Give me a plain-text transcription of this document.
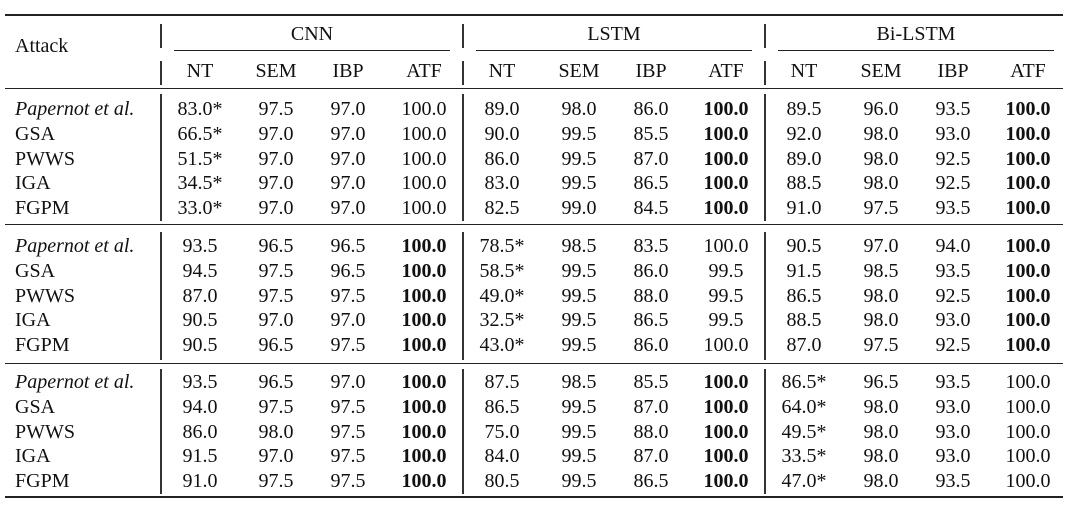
Attack
CNN	LSTM	Bi-LSTM
NT SEM IBP ATF NT SEM IBP ATF NT SEM IBP ATF
Papernot et al. 83.0* 97.5 97.0 100.0 89.0 98.0 86.0 100.0 89.5 96.0 93.5 100.0
GSA	66.5* 97.0 97.0 100.0 90.0 99.5 85.5 100.0 92.0 98.0 93.0 100.0
PWWS	51.5* 97.0 97.0 100.0 86.0 99.5 87.0 100.0 89.0 98.0 92.5 100.0
IGA	34.5* 97.0 97.0 100.0 83.0 99.5 86.5 100.0 88.5 98.0 92.5 100.0
FGPM	33.0* 97.0 97.0 100.0 82.5 99.0 84.5 100.0 91.0 97.5 93.5 100.0
Papernot et al. 93.5 96.5 96.5 100.0 78.5* 98.5 83.5 100.0 90.5 97.0 94.0 100.0
GSA	94.5 97.5 96.5 100.0 58.5* 99.5 86.0 99.5 91.5 98.5 93.5 100.0
PWWS	87.0 97.5 97.5 100.0 49.0* 99.5 88.0 99.5 86.5 98.0 92.5 100.0
IGA	90.5 97.0 97.0 100.0 32.5* 99.5 86.5 99.5 88.5 98.0 93.0 100.0
FGPM	90.5 96.5 97.5 100.0 43.0* 99.5 86.0 100.0 87.0 97.5 92.5 100.0
Papernot et al. 93.5 96.5 97.0 100.0 87.5 98.5 85.5 100.0 86.5* 96.5 93.5 100.0
GSA	94.0 97.5 97.5 100.0 86.5 99.5 87.0 100.0 64.0* 98.0 93.0 100.0
PWWS	86.0 98.0 97.5 100.0 75.0 99.5 88.0 100.0 49.5* 98.0 93.0 100.0
IGA	91.5 97.0 97.5 100.0 84.0 99.5 87.0 100.0 33.5* 98.0 93.0 100.0
FGPM	91.0 97.5 97.5 100.0 80.5 99.5 86.5 100.0 47.0* 98.0 93.5 100.0
